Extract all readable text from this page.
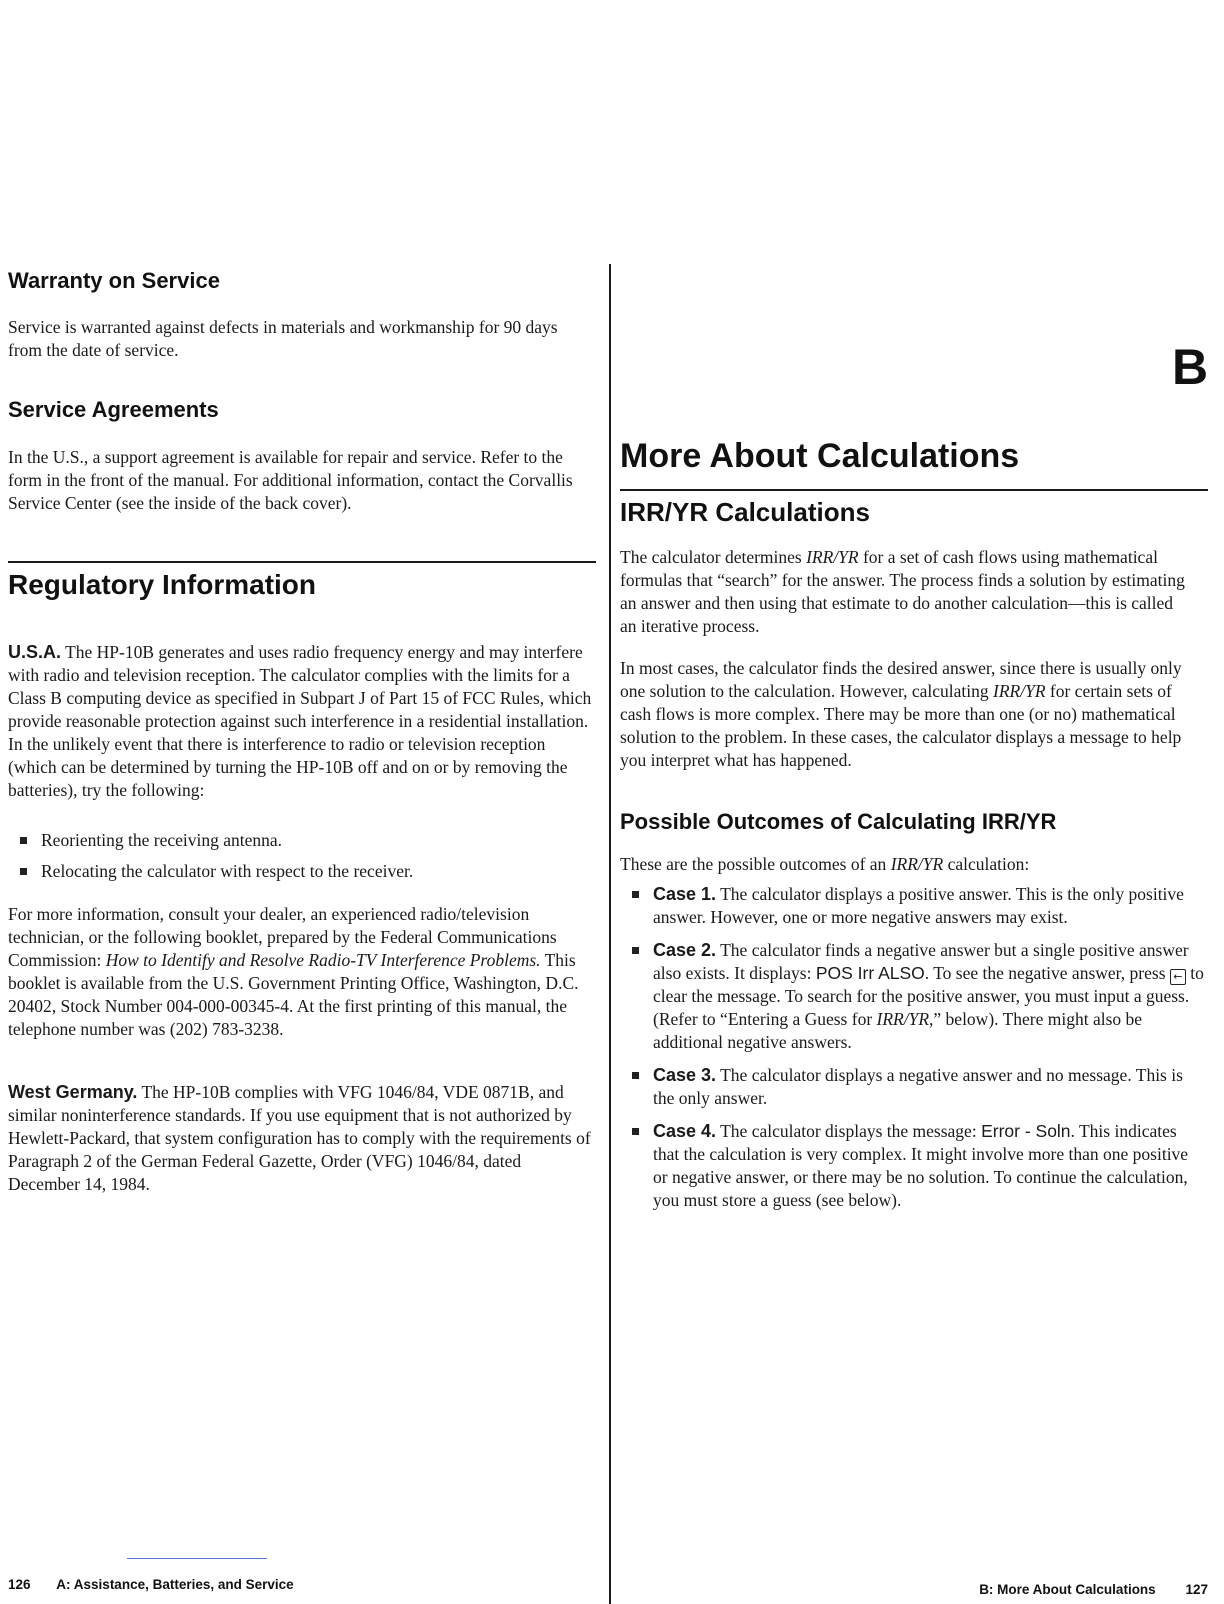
Warranty on Service

Service is warranted against defects in materials and workmanship for 90 days from the date of service.

Service Agreements

In the U.S., a support agreement is available for repair and service. Refer to the form in the front of the manual. For additional information, contact the Corvallis Service Center (see the inside of the back cover).

Regulatory Information

U.S.A. The HP-10B generates and uses radio frequency energy and may interfere with radio and television reception. The calculator complies with the limits for a Class B computing device as specified in Subpart J of Part 15 of FCC Rules, which provide reasonable protection against such interference in a residential installation. In the unlikely event that there is interference to radio or television reception (which can be determined by turning the HP-10B off and on or by removing the batteries), try the following:

Reorienting the receiving antenna.
Relocating the calculator with respect to the receiver.

For more information, consult your dealer, an experienced radio/television technician, or the following booklet, prepared by the Federal Communications Commission: How to Identify and Resolve Radio-TV Interference Problems. This booklet is available from the U.S. Government Printing Office, Washington, D.C. 20402, Stock Number 004-000-00345-4. At the first printing of this manual, the telephone number was (202) 783-3238.

West Germany. The HP-10B complies with VFG 1046/84, VDE 0871B, and similar noninterference standards. If you use equipment that is not authorized by Hewlett-Packard, that system configuration has to comply with the requirements of Paragraph 2 of the German Federal Gazette, Order (VFG) 1046/84, dated December 14, 1984.

126 A: Assistance, Batteries, and Service
B
More About Calculations
IRR/YR Calculations

The calculator determines IRR/YR for a set of cash flows using mathematical formulas that “search” for the answer. The process finds a solution by estimating an answer and then using that estimate to do another calculation—this is called an iterative process.

In most cases, the calculator finds the desired answer, since there is usually only one solution to the calculation. However, calculating IRR/YR for certain sets of cash flows is more complex. There may be more than one (or no) mathematical solution to the problem. In these cases, the calculator displays a message to help you interpret what has happened.

Possible Outcomes of Calculating IRR/YR

These are the possible outcomes of an IRR/YR calculation:

Case 1. The calculator displays a positive answer. This is the only positive answer. However, one or more negative answers may exist.
Case 2. The calculator finds a negative answer but a single positive answer also exists. It displays: POS Irr ALSO. To see the negative answer, press ← to clear the message. To search for the positive answer, you must input a guess. (Refer to “Entering a Guess for IRR/YR,” below). There might also be additional negative answers.
Case 3. The calculator displays a negative answer and no message. This is the only answer.
Case 4. The calculator displays the message: Error - Soln. This indicates that the calculation is very complex. It might involve more than one positive or negative answer, or there may be no solution. To continue the calculation, you must store a guess (see below).
B: More About Calculations 127
